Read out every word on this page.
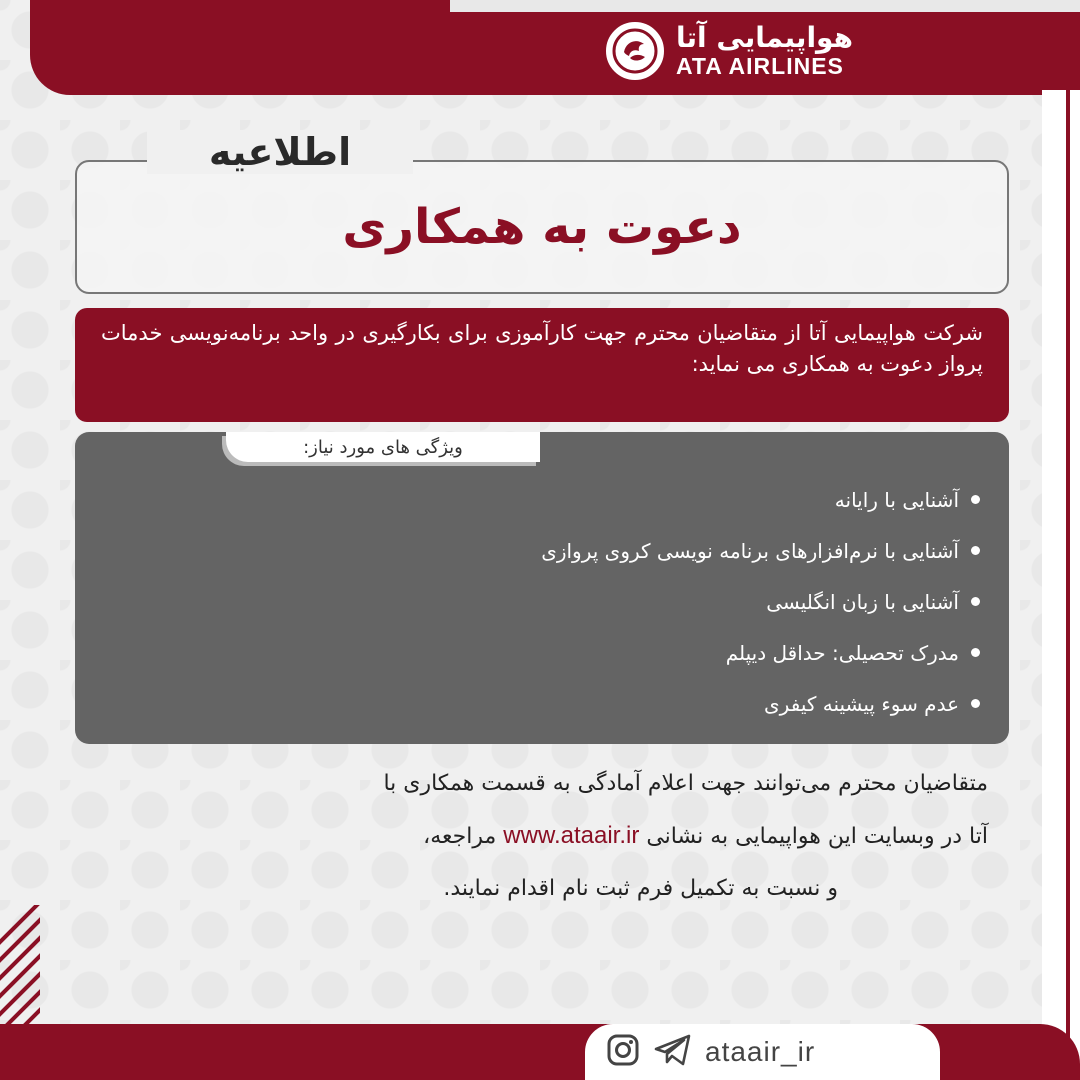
هواپیمایی آتا
ATA AIRLINES
دعوت به همکاری
اطلاعیه
شرکت هواپیمایی آتا از متقاضیان محترم جهت کارآموزی برای بکارگیری در واحد برنامه‌نویسی خدمات پرواز دعوت به همکاری می نماید:
ویژگی های مورد نیاز:
آشنایی با رایانه
آشنایی با نرم‌افزارهای برنامه نویسی کروی پروازی
آشنایی با زبان انگلیسی
مدرک تحصیلی: حداقل دیپلم
عدم سوء پیشینه کیفری
متقاضیان محترم می‌توانند جهت اعلام آمادگی به قسمت همکاری با
آتا در وبسایت این هواپیمایی به نشانی www.ataair.ir مراجعه،
و نسبت به تکمیل فرم ثبت نام اقدام نمایند.
ataair_ir
